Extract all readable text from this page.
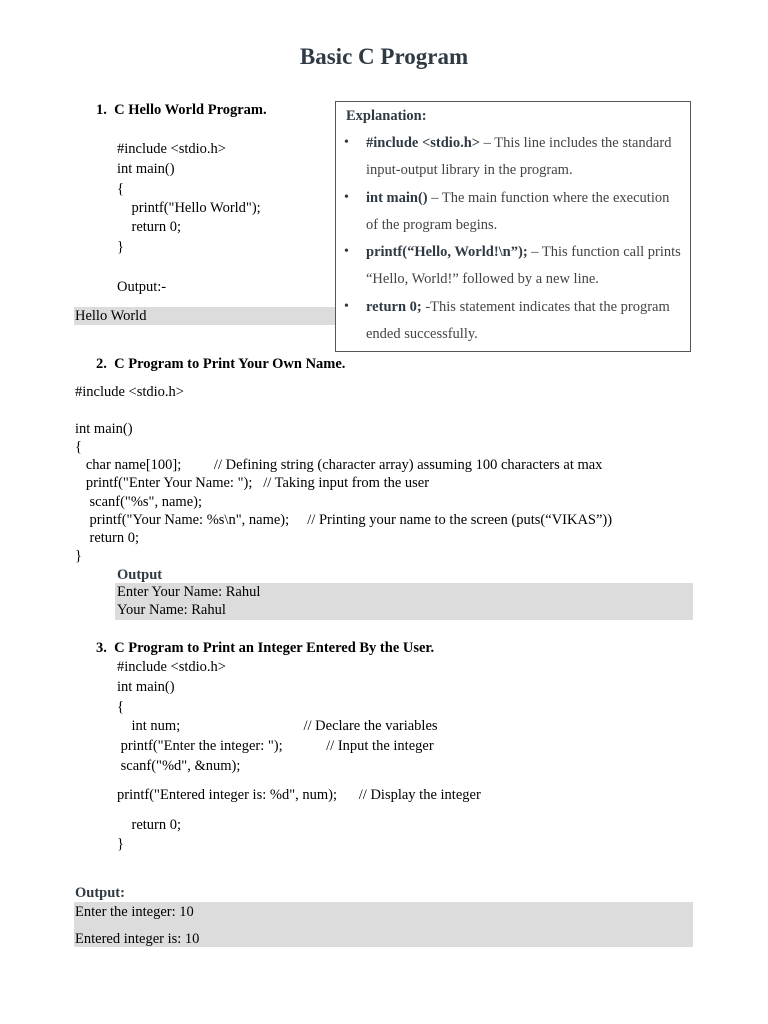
Basic C Program
1.  C Hello World Program.
#include <stdio.h>
int main()
{
printf("Hello World");
return 0;
}
Output:-
Hello World
Explanation:
• #include <stdio.h> – This line includes the standard input-output library in the program.
• int main() – The main function where the execution of the program begins.
• printf(“Hello, World!\n”); – This function call prints “Hello, World!” followed by a new line.
• return 0; -This statement indicates that the program ended successfully.
2.  C Program to Print Your Own Name.
#include <stdio.h>
int main()
{
char name[100];         // Defining string (character array) assuming 100 characters at max
printf("Enter Your Name: ");   // Taking input from the user
scanf("%s", name);
printf("Your Name: %s\n", name);     // Printing your name to the screen (puts(“VIKAS”))
return 0;
}
Output
Enter Your Name: Rahul
Your Name: Rahul
3.  C Program to Print an Integer Entered By the User.
#include <stdio.h>
int main()
{
int num;                                  // Declare the variables
printf("Enter the integer: ");            // Input the integer
scanf("%d", &num);
printf("Entered integer is: %d", num);      // Display the integer
return 0;
}
Output:
Enter the integer: 10
Entered integer is: 10
